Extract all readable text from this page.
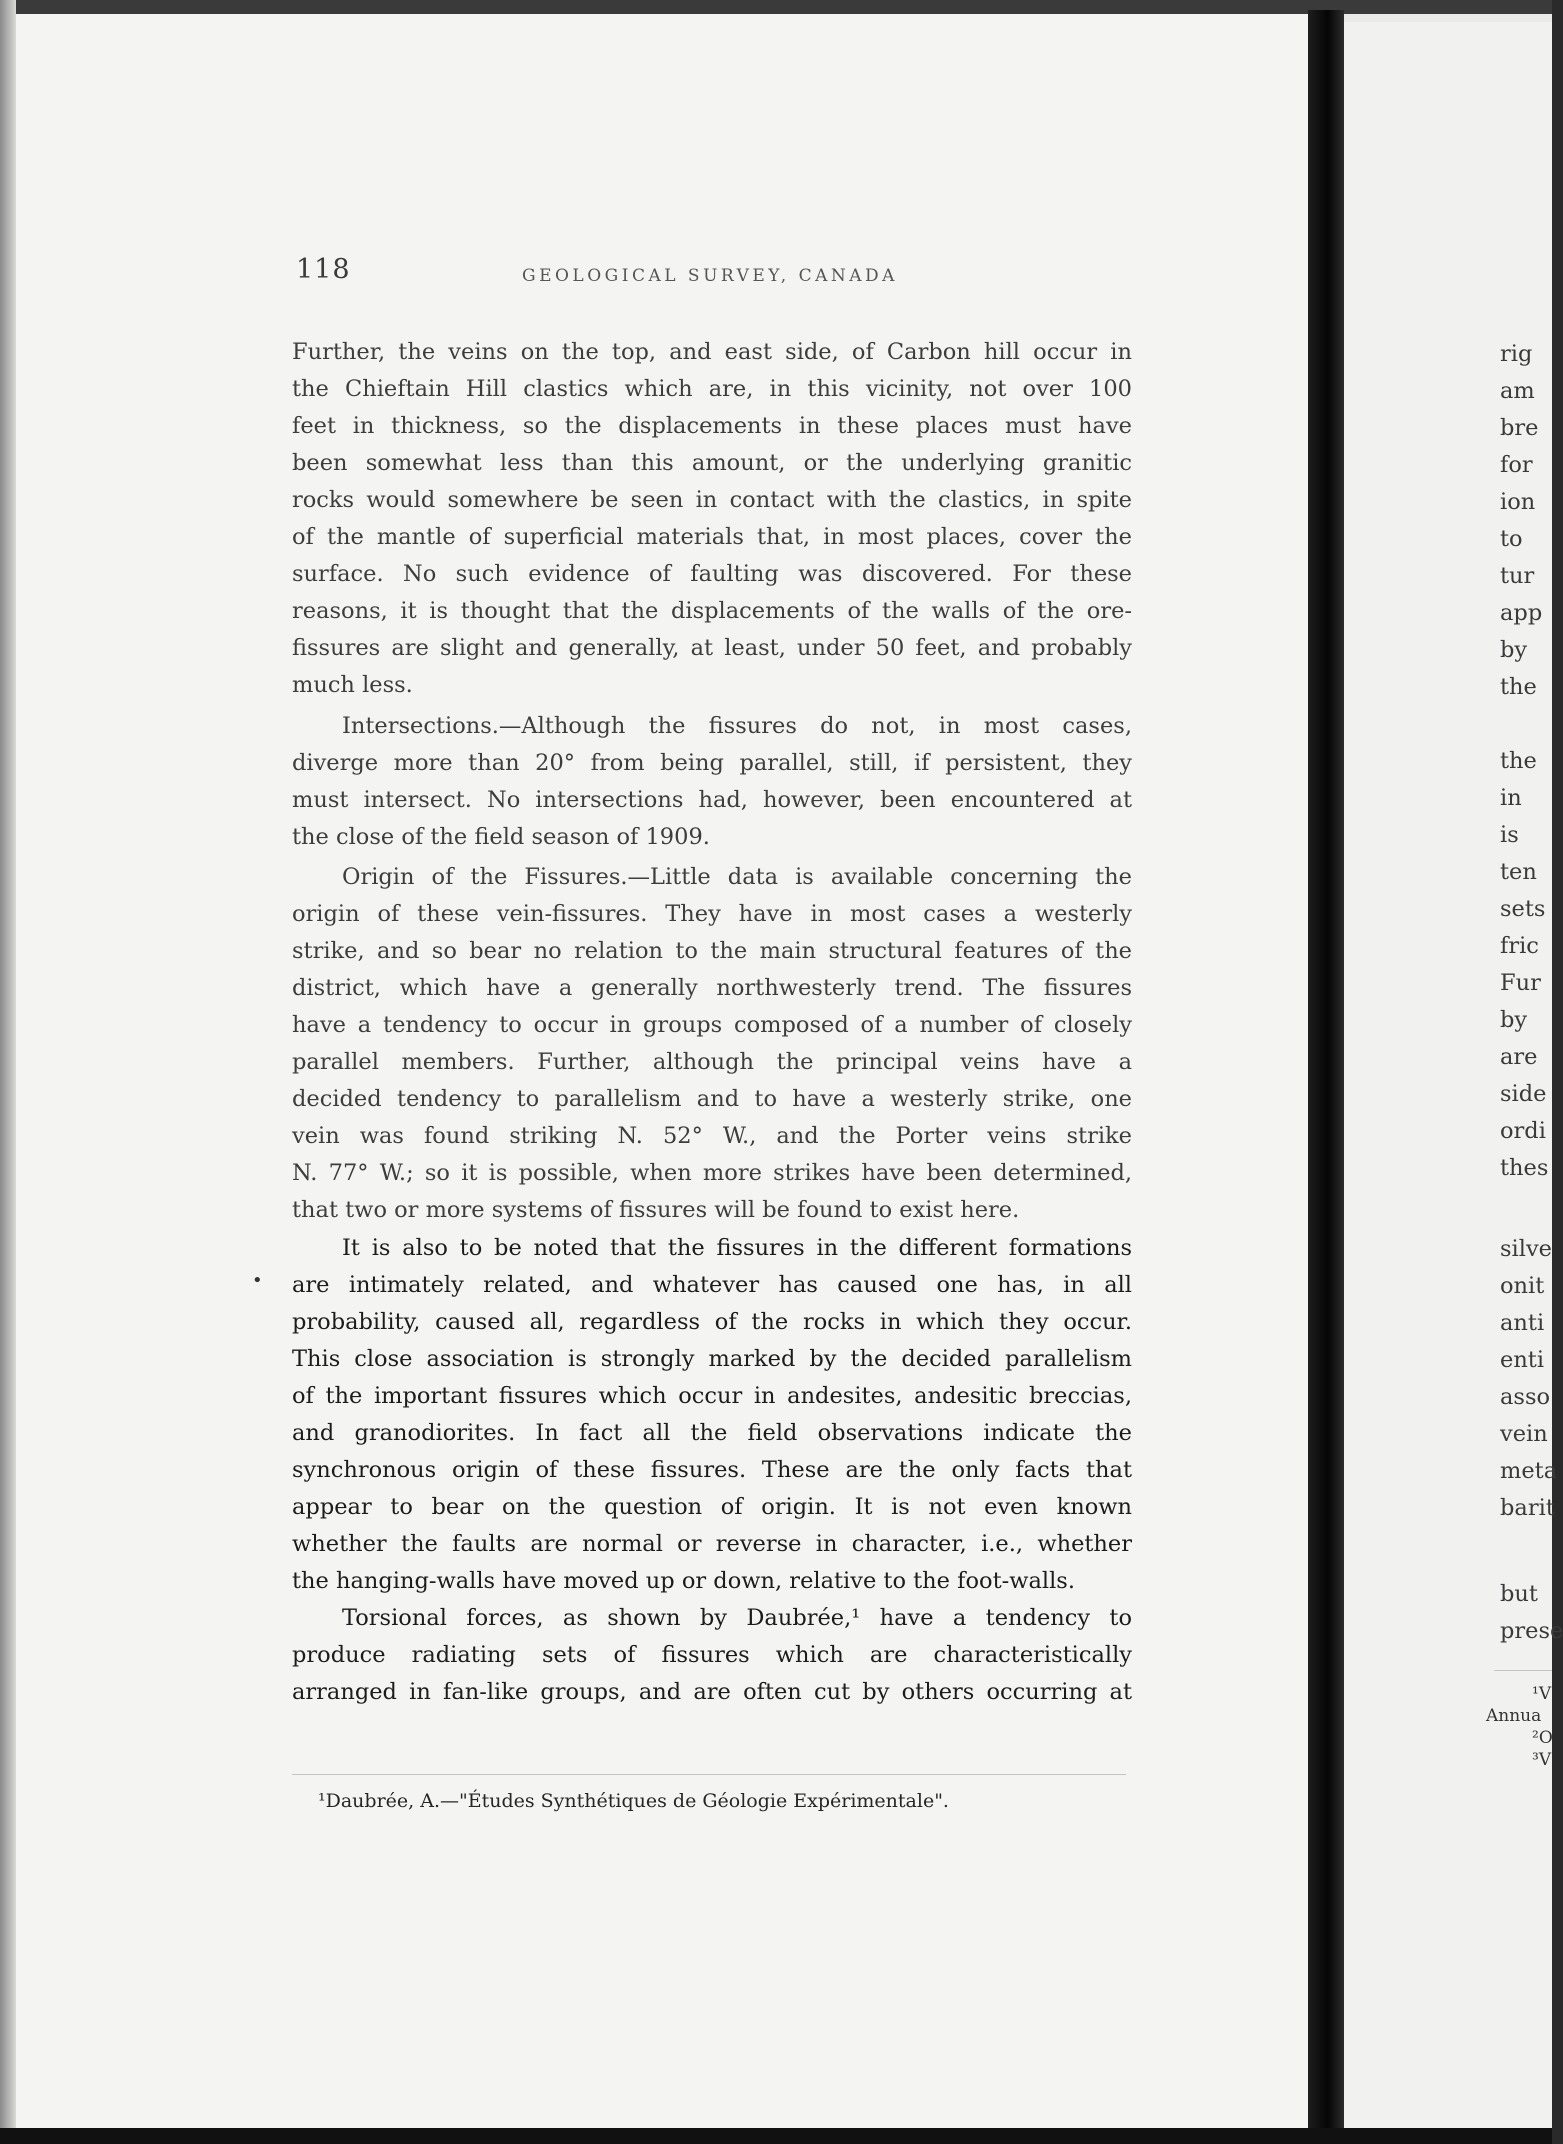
118	GEOLOGICAL SURVEY, CANADA
•
Further, the veins on the top, and east side, of Carbon hill occur in
the Chieftain Hill clastics which are, in this vicinity, not over 100
feet in thickness, so the displacements in these places must have
been somewhat less than this amount, or the underlying granitic
rocks would somewhere be seen in contact with the clastics, in spite
of the mantle of superficial materials that, in most places, cover the
surface. No such evidence of faulting was discovered. For these
reasons, it is thought that the displacements of the walls of the ore-
fissures are slight and generally, at least, under 50 feet, and probably
much less.
Intersections.—Although the fissures do not, in most cases,
diverge more than 20° from being parallel, still, if persistent, they
must intersect. No intersections had, however, been encountered at
the close of the field season of 1909.
Origin of the Fissures.—Little data is available concerning the
origin of these vein-fissures. They have in most cases a westerly
strike, and so bear no relation to the main structural features of the
district, which have a generally northwesterly trend. The fissures
have a tendency to occur in groups composed of a number of closely
parallel members. Further, although the principal veins have a
decided tendency to parallelism and to have a westerly strike, one
vein was found striking N. 52° W., and the Porter veins strike
N. 77° W.; so it is possible, when more strikes have been determined,
that two or more systems of fissures will be found to exist here.
It is also to be noted that the fissures in the different formations
are intimately related, and whatever has caused one has, in all
probability, caused all, regardless of the rocks in which they occur.
This close association is strongly marked by the decided parallelism
of the important fissures which occur in andesites, andesitic breccias,
and granodiorites. In fact all the field observations indicate the
synchronous origin of these fissures. These are the only facts that
appear to bear on the question of origin. It is not even known
whether the faults are normal or reverse in character, i.e., whether
the hanging-walls have moved up or down, relative to the foot-walls.
Torsional forces, as shown by Daubrée,¹ have a tendency to
produce radiating sets of fissures which are characteristically
arranged in fan-like groups, and are often cut by others occurring at
¹Daubrée, A.—"Études Synthétiques de Géologie Expérimentale".
rig
am
bre
for
ion
to
tur
app
by
the
the
in
is
ten
sets
fric
Fur
by
are
side
ordi
thes
silve
onit
anti
enti
asso
vein
meta
barit
but
prese
¹V
Annua
²O
³V
